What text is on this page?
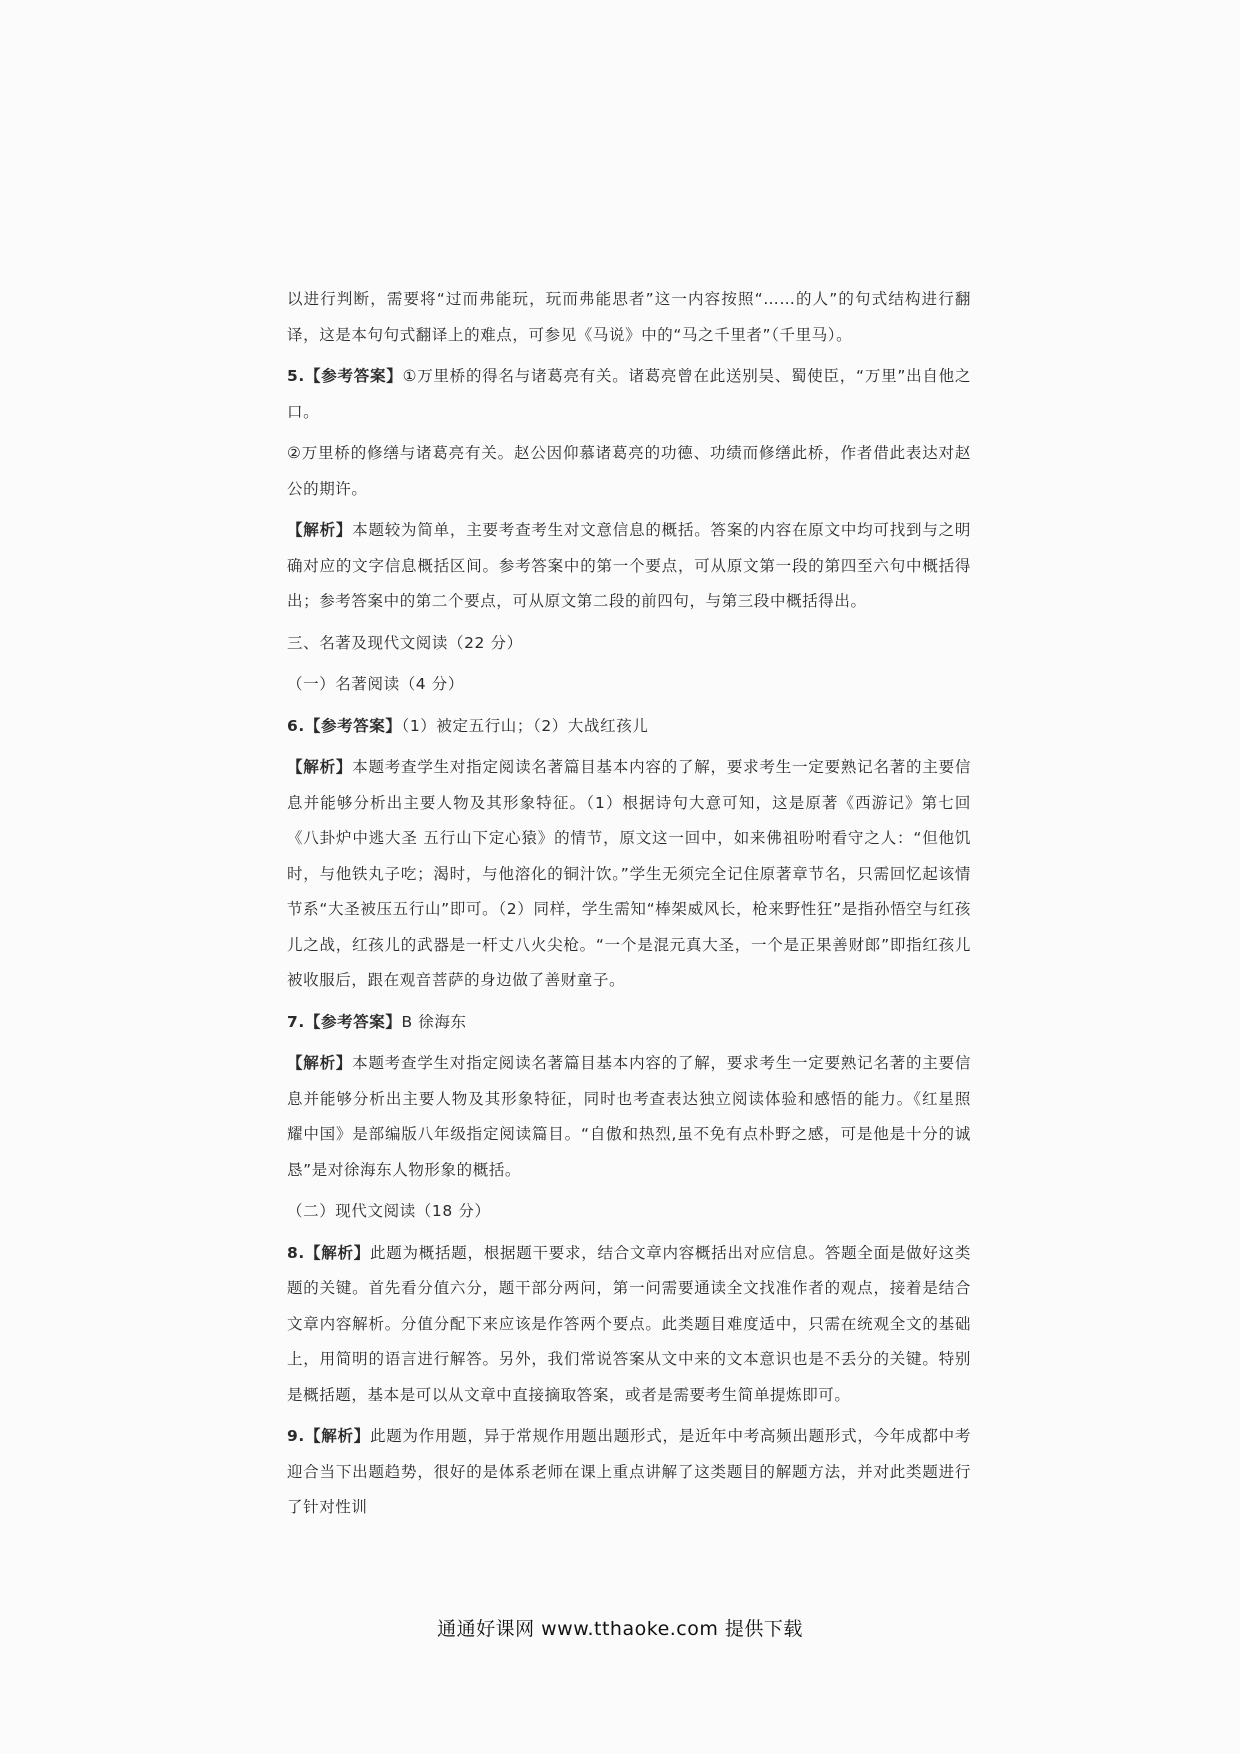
以进行判断，需要将“过而弗能玩，玩而弗能思者”这一内容按照“……的人”的句式结构进行翻译，这是本句句式翻译上的难点，可参见《马说》中的“马之千里者”（千里马）。

5.【参考答案】①万里桥的得名与诸葛亮有关。诸葛亮曾在此送别吴、蜀使臣，“万里”出自他之口。

②万里桥的修缮与诸葛亮有关。赵公因仰慕诸葛亮的功德、功绩而修缮此桥，作者借此表达对赵公的期许。

【解析】本题较为简单，主要考查考生对文意信息的概括。答案的内容在原文中均可找到与之明确对应的文字信息概括区间。参考答案中的第一个要点，可从原文第一段的第四至六句中概括得出；参考答案中的第二个要点，可从原文第二段的前四句，与第三段中概括得出。

三、名著及现代文阅读（22 分）

（一）名著阅读（4 分）

6.【参考答案】（1）被定五行山；（2）大战红孩儿

【解析】本题考查学生对指定阅读名著篇目基本内容的了解，要求考生一定要熟记名著的主要信息并能够分析出主要人物及其形象特征。（1）根据诗句大意可知，这是原著《西游记》第七回《八卦炉中逃大圣 五行山下定心猿》的情节，原文这一回中，如来佛祖吩咐看守之人：“但他饥时，与他铁丸子吃；渴时，与他溶化的铜汁饮。”学生无须完全记住原著章节名，只需回忆起该情节系“大圣被压五行山”即可。（2）同样，学生需知“棒架威风长，枪来野性狂”是指孙悟空与红孩儿之战，红孩儿的武器是一杆丈八火尖枪。“一个是混元真大圣，一个是正果善财郎”即指红孩儿被收服后，跟在观音菩萨的身边做了善财童子。

7.【参考答案】B 徐海东

【解析】本题考查学生对指定阅读名著篇目基本内容的了解，要求考生一定要熟记名著的主要信息并能够分析出主要人物及其形象特征，同时也考查表达独立阅读体验和感悟的能力。《红星照耀中国》是部编版八年级指定阅读篇目。“自傲和热烈,虽不免有点朴野之感，可是他是十分的诚恳”是对徐海东人物形象的概括。

（二）现代文阅读（18 分）

8.【解析】此题为概括题，根据题干要求，结合文章内容概括出对应信息。答题全面是做好这类题的关键。首先看分值六分，题干部分两问，第一问需要通读全文找准作者的观点，接着是结合文章内容解析。分值分配下来应该是作答两个要点。此类题目难度适中，只需在统观全文的基础上，用简明的语言进行解答。另外，我们常说答案从文中来的文本意识也是不丢分的关键。特别是概括题，基本是可以从文章中直接摘取答案，或者是需要考生简单提炼即可。

9.【解析】此题为作用题，异于常规作用题出题形式，是近年中考高频出题形式，今年成都中考迎合当下出题趋势，很好的是体系老师在课上重点讲解了这类题目的解题方法，并对此类题进行了针对性训

通通好课网 www.tthaoke.com 提供下载
